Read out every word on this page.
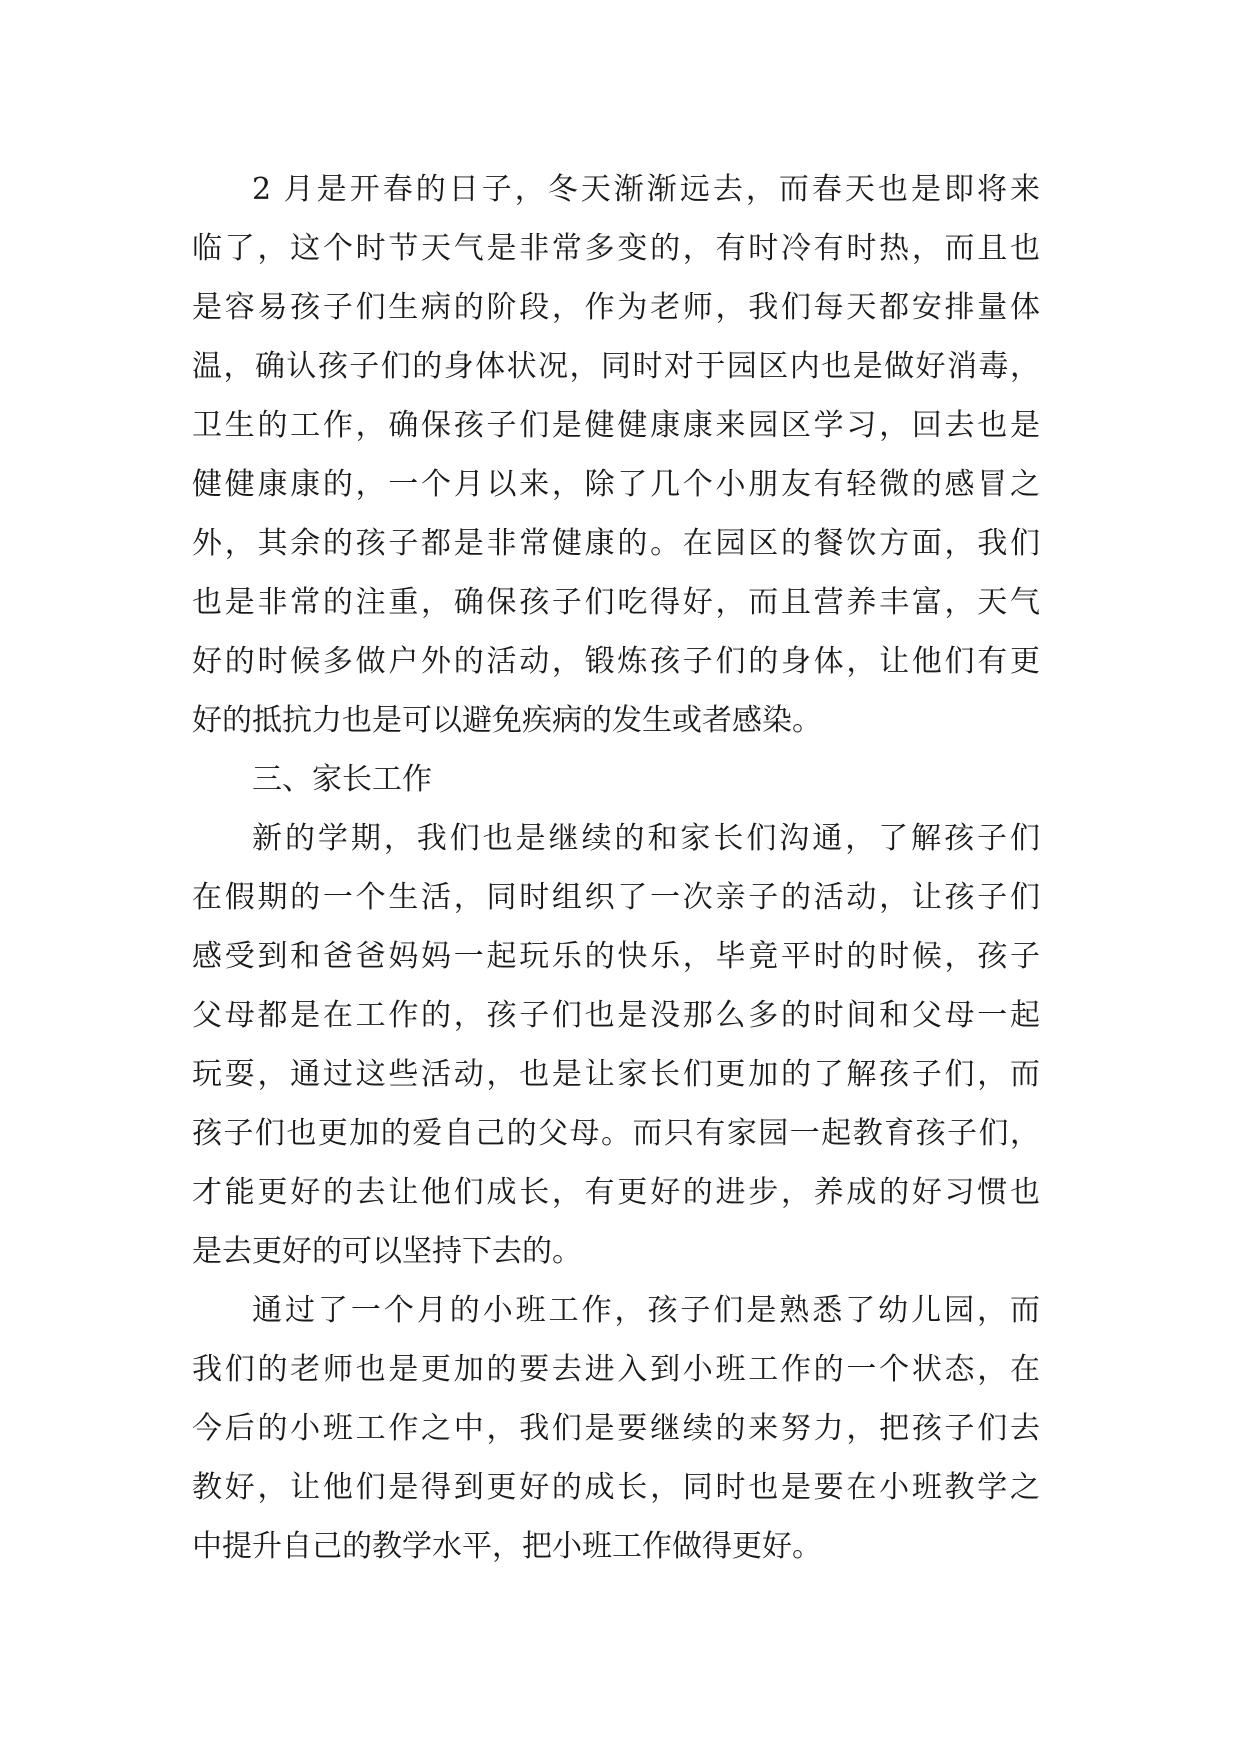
2 月是开春的日子，冬天渐渐远去，而春天也是即将来
临了，这个时节天气是非常多变的，有时冷有时热，而且也
是容易孩子们生病的阶段，作为老师，我们每天都安排量体
温，确认孩子们的身体状况，同时对于园区内也是做好消毒，
卫生的工作，确保孩子们是健健康康来园区学习，回去也是
健健康康的，一个月以来，除了几个小朋友有轻微的感冒之
外，其余的孩子都是非常健康的。在园区的餐饮方面，我们
也是非常的注重，确保孩子们吃得好，而且营养丰富，天气
好的时候多做户外的活动，锻炼孩子们的身体，让他们有更
好的抵抗力也是可以避免疾病的发生或者感染。
三、家长工作
新的学期，我们也是继续的和家长们沟通，了解孩子们
在假期的一个生活，同时组织了一次亲子的活动，让孩子们
感受到和爸爸妈妈一起玩乐的快乐，毕竟平时的时候，孩子
父母都是在工作的，孩子们也是没那么多的时间和父母一起
玩耍，通过这些活动，也是让家长们更加的了解孩子们，而
孩子们也更加的爱自己的父母。而只有家园一起教育孩子们，
才能更好的去让他们成长，有更好的进步，养成的好习惯也
是去更好的可以坚持下去的。
通过了一个月的小班工作，孩子们是熟悉了幼儿园，而
我们的老师也是更加的要去进入到小班工作的一个状态，在
今后的小班工作之中，我们是要继续的来努力，把孩子们去
教好，让他们是得到更好的成长，同时也是要在小班教学之
中提升自己的教学水平，把小班工作做得更好。
